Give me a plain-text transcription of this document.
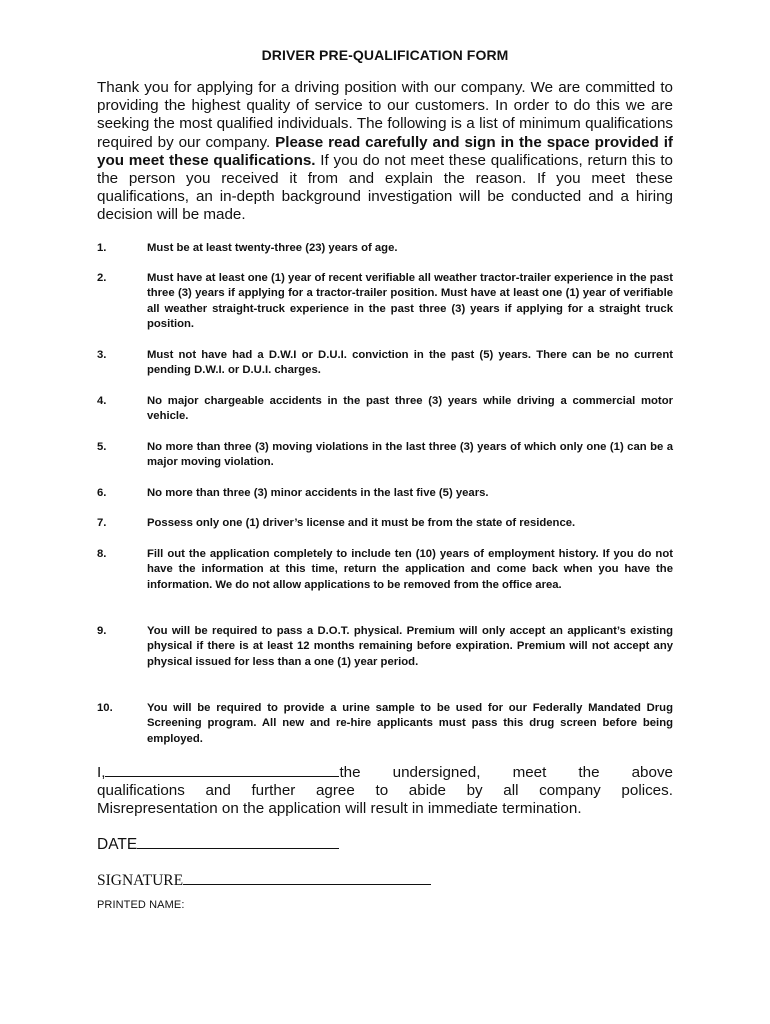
DRIVER PRE-QUALIFICATION FORM
Thank you for applying for a driving position with our company. We are committed to providing the highest quality of service to our customers. In order to do this we are seeking the most qualified individuals. The following is a list of minimum qualifications required by our company. Please read carefully and sign in the space provided if you meet these qualifications. If you do not meet these qualifications, return this to the person you received it from and explain the reason. If you meet these qualifications, an in-depth background investigation will be conducted and a hiring decision will be made.
1.	Must be at least twenty-three (23) years of age.
2.	Must have at least one (1) year of recent verifiable all weather tractor-trailer experience in the past three (3) years if applying for a tractor-trailer position. Must have at least one (1) year of verifiable all weather straight-truck experience in the past three (3) years if applying for a straight truck position.
3.	Must not have had a D.W.I or D.U.I. conviction in the past (5) years. There can be no current pending D.W.I. or D.U.I. charges.
4.	No major chargeable accidents in the past three (3) years while driving a commercial motor vehicle.
5.	No more than three (3) moving violations in the last three (3) years of which only one (1) can be a major moving violation.
6.	No more than three (3) minor accidents in the last five (5) years.
7.	Possess only one (1) driver’s license and it must be from the state of residence.
8.	Fill out the application completely to include ten (10) years of employment history. If you do not have the information at this time, return the application and come back when you have the information. We do not allow applications to be removed from the office area.
9.	You will be required to pass a D.O.T. physical. Premium will only accept an applicant’s existing physical if there is at least 12 months remaining before expiration. Premium will not accept any physical issued for less than a one (1) year period.
10.	You will be required to provide a urine sample to be used for our Federally Mandated Drug Screening program. All new and re-hire applicants must pass this drug screen before being employed.
I,	the undersigned, meet the above
qualifications and further agree to abide by all company polices.
Misrepresentation on the application will result in immediate termination.
DATE
SIGNATURE
PRINTED NAME:
